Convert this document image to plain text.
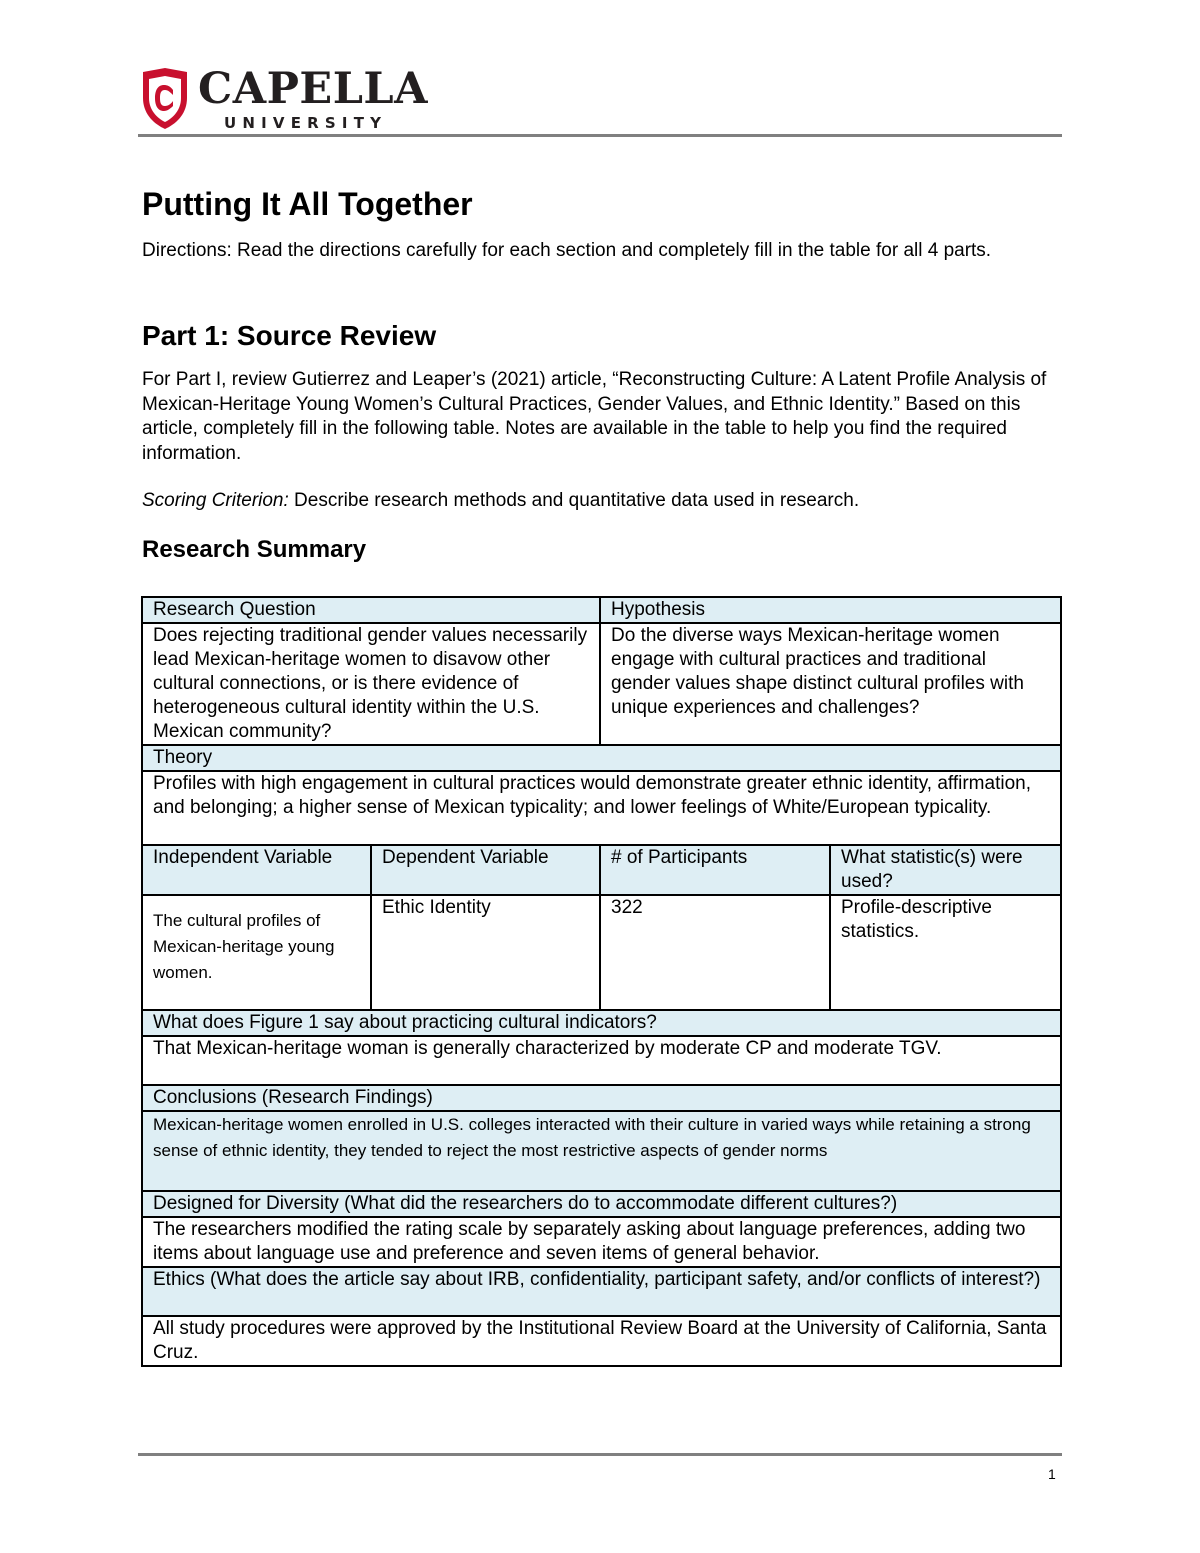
CAPELLA
UNIVERSITY
Putting It All Together

Directions: Read the directions carefully for each section and completely fill in the table for all 4 parts.

Part 1: Source Review

For Part I, review Gutierrez and Leaper’s (2021) article, “Reconstructing Culture: A Latent Profile Analysis of Mexican-Heritage Young Women’s Cultural Practices, Gender Values, and Ethnic Identity.” Based on this article, completely fill in the following table. Notes are available in the table to help you find the required information.

Scoring Criterion: Describe research methods and quantitative data used in research.

Research Summary
Research Question		Hypothesis	
Does rejecting traditional gender values necessarily lead Mexican-heritage women to disavow other cultural connections, or is there evidence of heterogeneous cultural identity within the U.S. Mexican community?		Do the diverse ways Mexican-heritage women engage with cultural practices and traditional gender values shape distinct cultural profiles with unique experiences and challenges?	
Theory			
Profiles with high engagement in cultural practices would demonstrate greater ethnic identity, affirmation, and belonging; a higher sense of Mexican typicality; and lower feelings of White/European typicality.			
Independent Variable	Dependent Variable	# of Participants	What statistic(s) were used?
The cultural profiles of Mexican-heritage young women.	Ethic Identity	322	Profile-descriptive statistics.
What does Figure 1 say about practicing cultural indicators?			
That Mexican-heritage woman is generally characterized by moderate CP and moderate TGV.			
Conclusions (Research Findings)			
Mexican-heritage women enrolled in U.S. colleges interacted with their culture in varied ways while retaining a strong sense of ethnic identity, they tended to reject the most restrictive aspects of gender norms			
Designed for Diversity (What did the researchers do to accommodate different cultures?)			
The researchers modified the rating scale by separately asking about language preferences, adding two items about language use and preference and seven items of general behavior.			
Ethics (What does the article say about IRB, confidentiality, participant safety, and/or conflicts of interest?)			
All study procedures were approved by the Institutional Review Board at the University of California, Santa Cruz.			
1
